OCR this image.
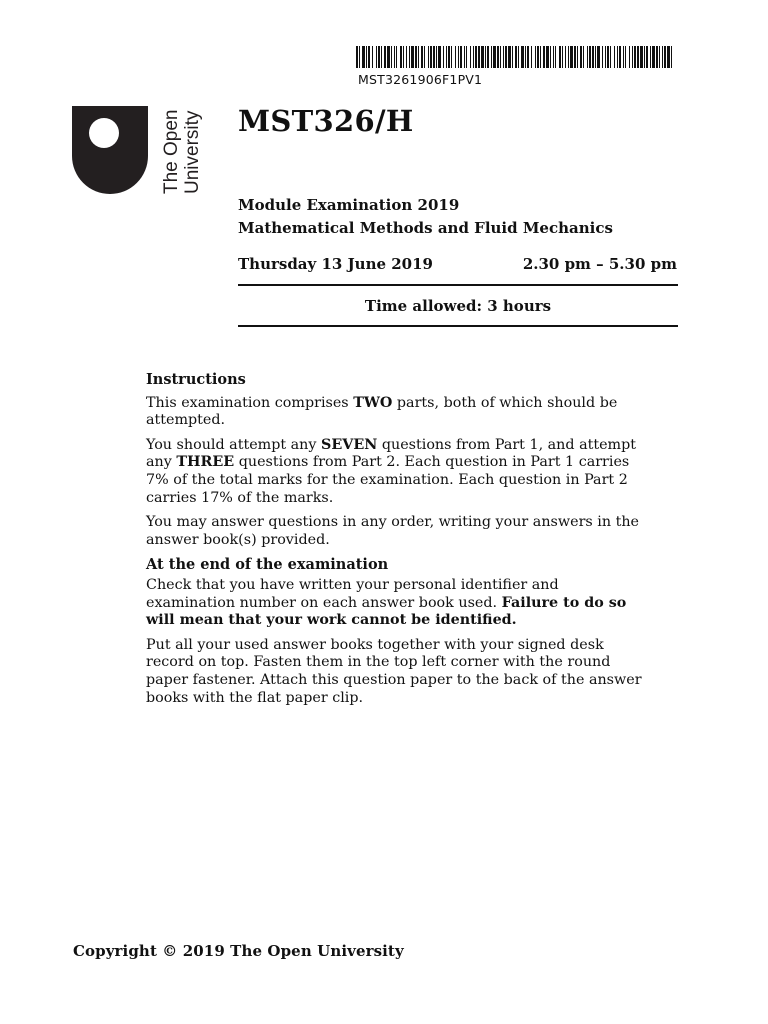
MST3261906F1PV1
The Open University MST326/H
Module Examination 2019
Mathematical Methods and Fluid Mechanics
Thursday 13 June 2019	2.30 pm – 5.30 pm
Time allowed: 3 hours
Instructions

This examination comprises TWO parts, both of which should be attempted.

You should attempt any SEVEN questions from Part 1, and attempt any THREE questions from Part 2. Each question in Part 1 carries 7% of the total marks for the examination. Each question in Part 2 carries 17% of the marks.

You may answer questions in any order, writing your answers in the answer book(s) provided.

At the end of the examination

Check that you have written your personal identifier and examination number on each answer book used. Failure to do so will mean that your work cannot be identified.

Put all your used answer books together with your signed desk record on top. Fasten them in the top left corner with the round paper fastener. Attach this question paper to the back of the answer books with the flat paper clip.

Copyright © 2019 The Open University
